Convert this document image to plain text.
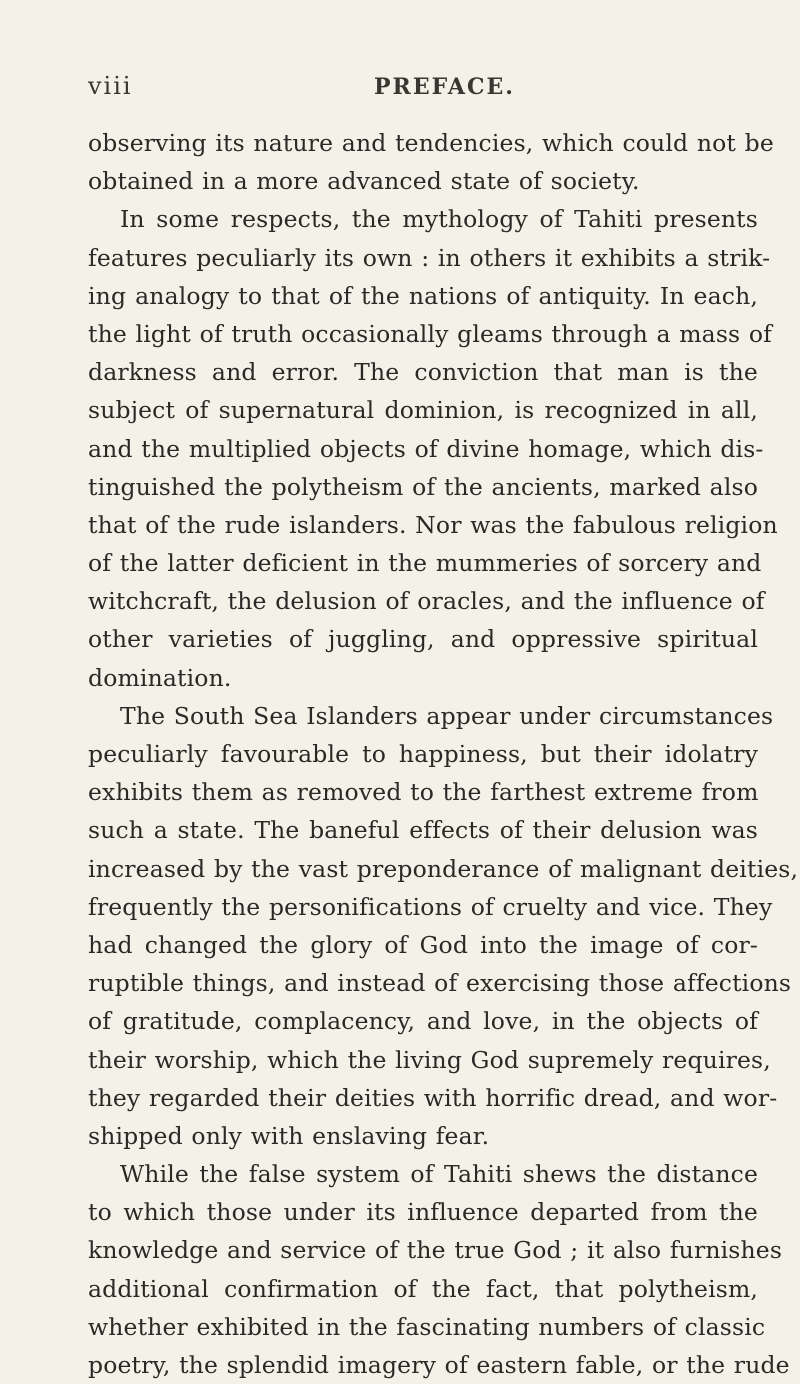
viii	PREFACE.
observing its nature and tendencies, which could not be
obtained in a more advanced state of society.
In some respects, the mythology of Tahiti presents
features peculiarly its own : in others it exhibits a strik-
ing analogy to that of the nations of antiquity. In each,
the light of truth occasionally gleams through a mass of
darkness and error. The conviction that man is the
subject of supernatural dominion, is recognized in all,
and the multiplied objects of divine homage, which dis-
tinguished the polytheism of the ancients, marked also
that of the rude islanders. Nor was the fabulous religion
of the latter deficient in the mummeries of sorcery and
witchcraft, the delusion of oracles, and the influence of
other varieties of juggling, and oppressive spiritual
domination.
The South Sea Islanders appear under circumstances
peculiarly favourable to happiness, but their idolatry
exhibits them as removed to the farthest extreme from
such a state. The baneful effects of their delusion was
increased by the vast preponderance of malignant deities,
frequently the personifications of cruelty and vice. They
had changed the glory of God into the image of cor-
ruptible things, and instead of exercising those affections
of gratitude, complacency, and love, in the objects of
their worship, which the living God supremely requires,
they regarded their deities with horrific dread, and wor-
shipped only with enslaving fear.
While the false system of Tahiti shews the distance
to which those under its influence departed from the
knowledge and service of the true God ; it also furnishes
additional confirmation of the fact, that polytheism,
whether exhibited in the fascinating numbers of classic
poetry, the splendid imagery of eastern fable, or the rude
